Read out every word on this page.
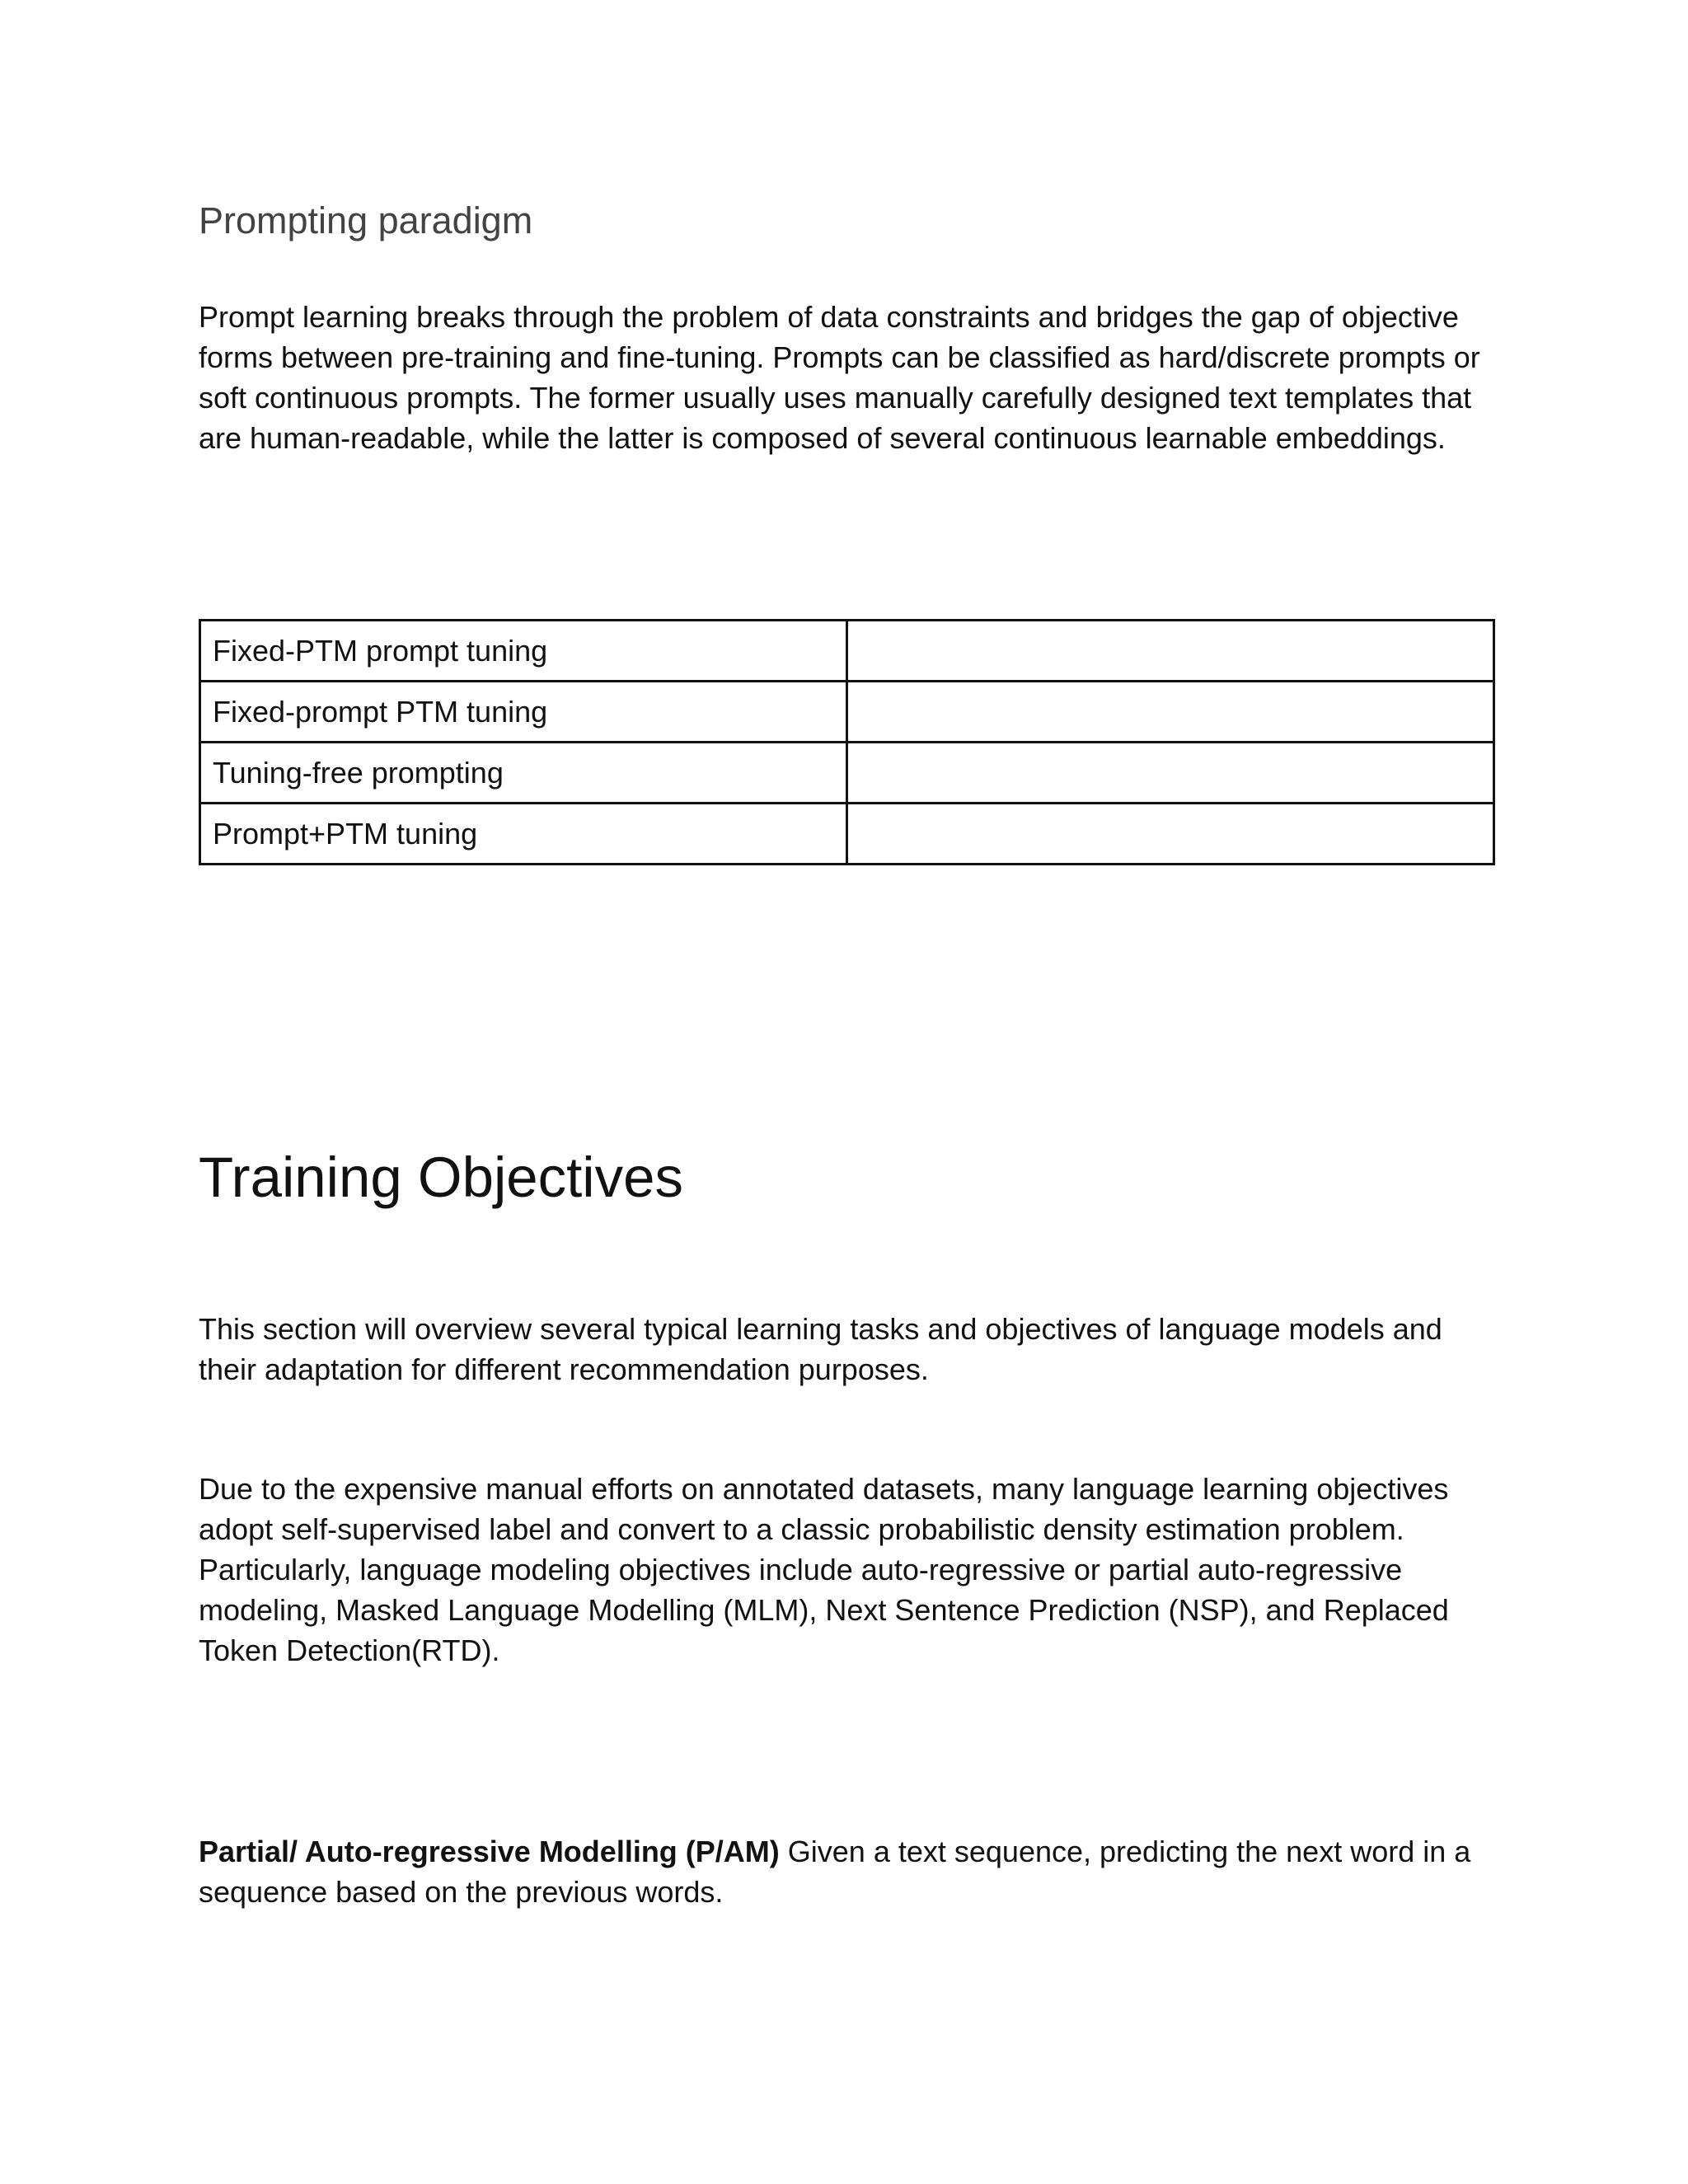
Prompting paradigm

Prompt learning breaks through the problem of data constraints and bridges the gap of objective forms between pre-training and fine-tuning. Prompts can be classified as hard/discrete prompts or soft continuous prompts. The former usually uses manually carefully designed text templates that are human-readable, while the latter is composed of several continuous learnable embeddings.

Fixed-PTM prompt tuning	
Fixed-prompt PTM tuning	
Tuning-free prompting	
Prompt+PTM tuning	
Training Objectives

This section will overview several typical learning tasks and objectives of language models and their adaptation for different recommendation purposes.

Due to the expensive manual efforts on annotated datasets, many language learning objectives adopt self-supervised label and convert to a classic probabilistic density estimation problem. Particularly, language modeling objectives include auto-regressive or partial auto-regressive modeling, Masked Language Modelling (MLM), Next Sentence Prediction (NSP), and Replaced Token Detection(RTD).

Partial/ Auto-regressive Modelling (P/AM) Given a text sequence, predicting the next word in a sequence based on the previous words.
